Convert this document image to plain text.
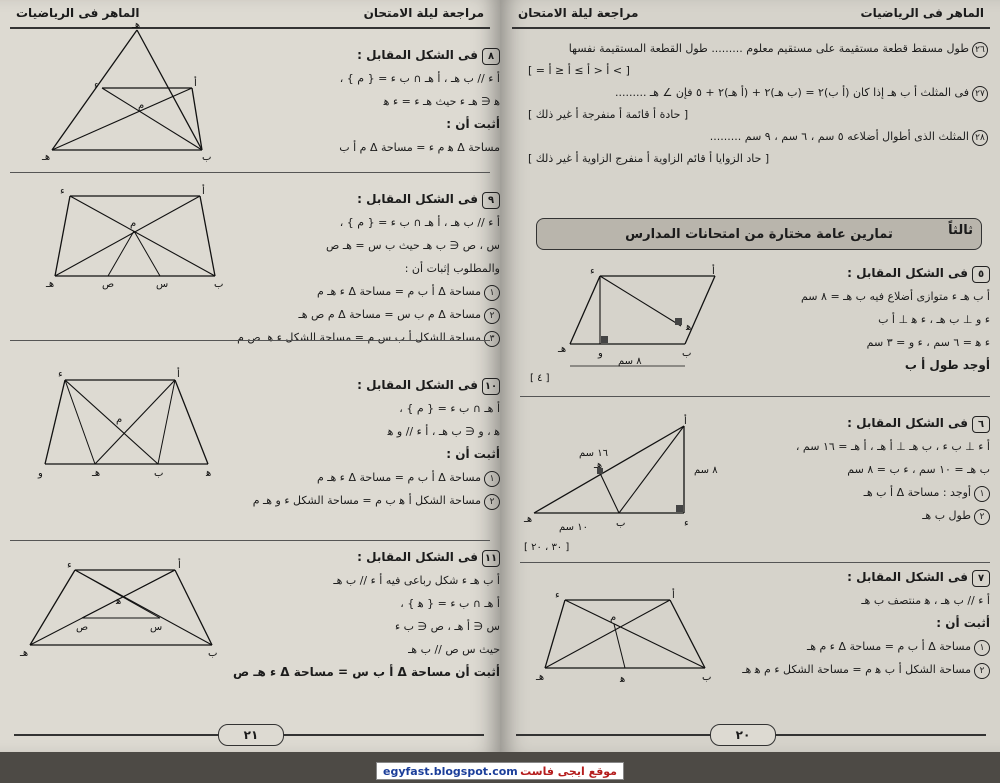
مراجعة ليلة الامتحان
الماهر فى الرياضيات
٨فى الشكل المقابل :
أ ء // ب هـ ، أ هـ ∩ ب ء = { م } ،
ﻫ ∈ هـ ء حيث هـ ء = ء ﻫ
أثبت أن :
مساحة Δ ﻫ م ء = مساحة Δ م أ ب
هـ
ء	أ
هـ	ب
م
٩فى الشكل المقابل :
أ ء // ب هـ ، أ هـ ∩ ب ء = { م } ،
س ، ص ∈ ب هـ حيث ب س = هـ ص
والمطلوب إثبات أن :
١مساحة Δ أ ب م = مساحة Δ ء هـ م
٢مساحة Δ م ب س = مساحة Δ م ص هـ
٣مساحة الشكل أ ب س م = مساحة الشكل ء هـ ص م
ء	أ
م
هـ	ص	س	ب
١٠فى الشكل المقابل :
أ هـ ∩ ب ء = { م } ،
ﻫ ، و ∈ ب هـ ، أ ء // و ﻫ
أثبت أن :
١مساحة Δ أ ب م = مساحة Δ ء هـ م
٢مساحة الشكل أ ﻫ ب م = مساحة الشكل ء و هـ م
ء	أ
م
و	هـ	ب	ﻫ
١١فى الشكل المقابل :
أ ب هـ ء شكل رباعى فيه أ ء // ب هـ
أ هـ ∩ ب ء = { ﻫ } ،
س ∈ أ هـ ، ص ∈ ب ء
حيث س ص // ب هـ
أثبت أن مساحة Δ أ ب س = مساحة Δ ء هـ ص
ء	أ
ﻫ
ص	س
هـ	ب
٢١
الماهر فى الرياضيات
مراجعة ليلة الامتحان
٢٦طول مسقط قطعة مستقيمة على مستقيم معلوم ......... طول القطعة المستقيمة نفسها
[ > أ < أ ≥ أ ≤ أ = ]
٢٧فى المثلث أ ب هـ إذا كان (أ ب)٢ = (ب هـ)٢ + (أ هـ)٢ + ٥ فإن ∠ هـ .........
[ حادة أ قائمة أ منفرجة أ غير ذلك ]
٢٨المثلث الذى أطوال أضلاعه ٥ سم ، ٦ سم ، ٩ سم .........
[ حاد الزوايا أ قائم الزاوية أ منفرج الزاوية أ غير ذلك ]
ثالثاً
تمارين عامة مختارة من امتحانات المدارس
٥فى الشكل المقابل :
أ ب هـ ء متوازى أضلاع فيه ب هـ = ٨ سم
ء و ⊥ ب هـ ، ء ﻫ ⊥ أ ب
ء ﻫ = ٦ سم ، ء و = ٣ سم
أوجد طول أ ب
ء	أ
ﻫ
هـ	و	ب
٨ سم
[ ٤ ]
٦فى الشكل المقابل :
أ ء ⊥ ب ء ، ب هـ ⊥ أ هـ ، أ هـ = ١٦ سم ،
ب هـ = ١٠ سم ، ء ب = ٨ سم
١أوجد : مساحة Δ أ ب هـ
٢طول ب هـ
أ
هـ	ب	ء
هـ	٨ سم
١٦ سم
١٠ سم
[ ٣٠ ، ٢٠ ]
٧فى الشكل المقابل :
أ ء // ب هـ ، ﻫ منتصف ب هـ
أثبت أن :
١مساحة Δ أ ب م = مساحة Δ ء م هـ
٢مساحة الشكل أ ب ﻫ م = مساحة الشكل ء م ﻫ هـ
ء	أ
م
هـ	ﻫ	ب
٢٠
egyfast.blogspot.com موقع ايجى فاست
